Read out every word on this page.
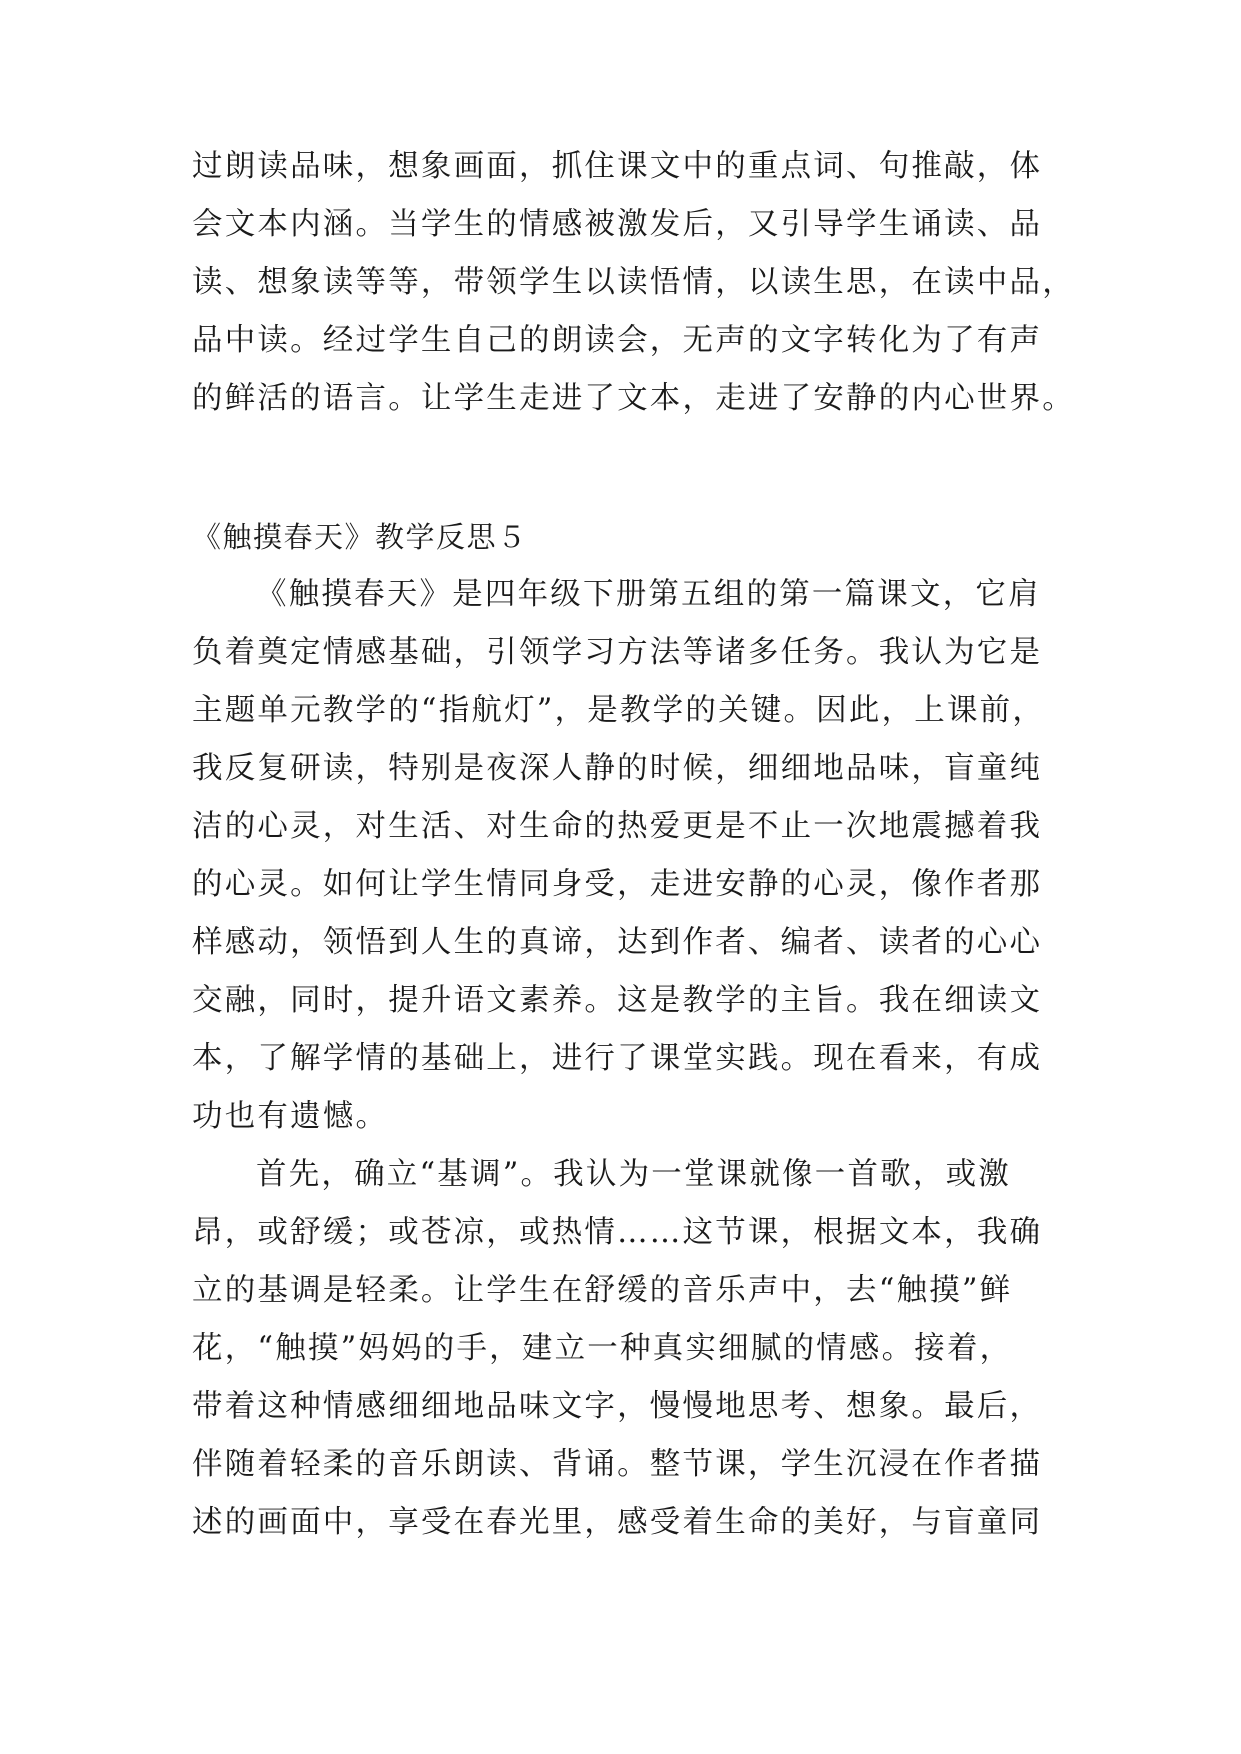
过朗读品味，想象画面，抓住课文中的重点词、句推敲，体
会文本内涵。当学生的情感被激发后，又引导学生诵读、品
读、想象读等等，带领学生以读悟情，以读生思，在读中品，
品中读。经过学生自己的朗读会，无声的文字转化为了有声
的鲜活的语言。让学生走进了文本，走进了安静的内心世界。
《触摸春天》教学反思５
《触摸春天》是四年级下册第五组的第一篇课文，它肩
负着奠定情感基础，引领学习方法等诸多任务。我认为它是
主题单元教学的“指航灯”，是教学的关键。因此，上课前，
我反复研读，特别是夜深人静的时候，细细地品味，盲童纯
洁的心灵，对生活、对生命的热爱更是不止一次地震撼着我
的心灵。如何让学生情同身受，走进安静的心灵，像作者那
样感动，领悟到人生的真谛，达到作者、编者、读者的心心
交融，同时，提升语文素养。这是教学的主旨。我在细读文
本，了解学情的基础上，进行了课堂实践。现在看来，有成
功也有遗憾。
首先，确立“基调”。我认为一堂课就像一首歌，或激
昂，或舒缓；或苍凉，或热情……这节课，根据文本，我确
立的基调是轻柔。让学生在舒缓的音乐声中，去“触摸”鲜
花，“触摸”妈妈的手，建立一种真实细腻的情感。接着，
带着这种情感细细地品味文字，慢慢地思考、想象。最后，
伴随着轻柔的音乐朗读、背诵。整节课，学生沉浸在作者描
述的画面中，享受在春光里，感受着生命的美好，与盲童同
